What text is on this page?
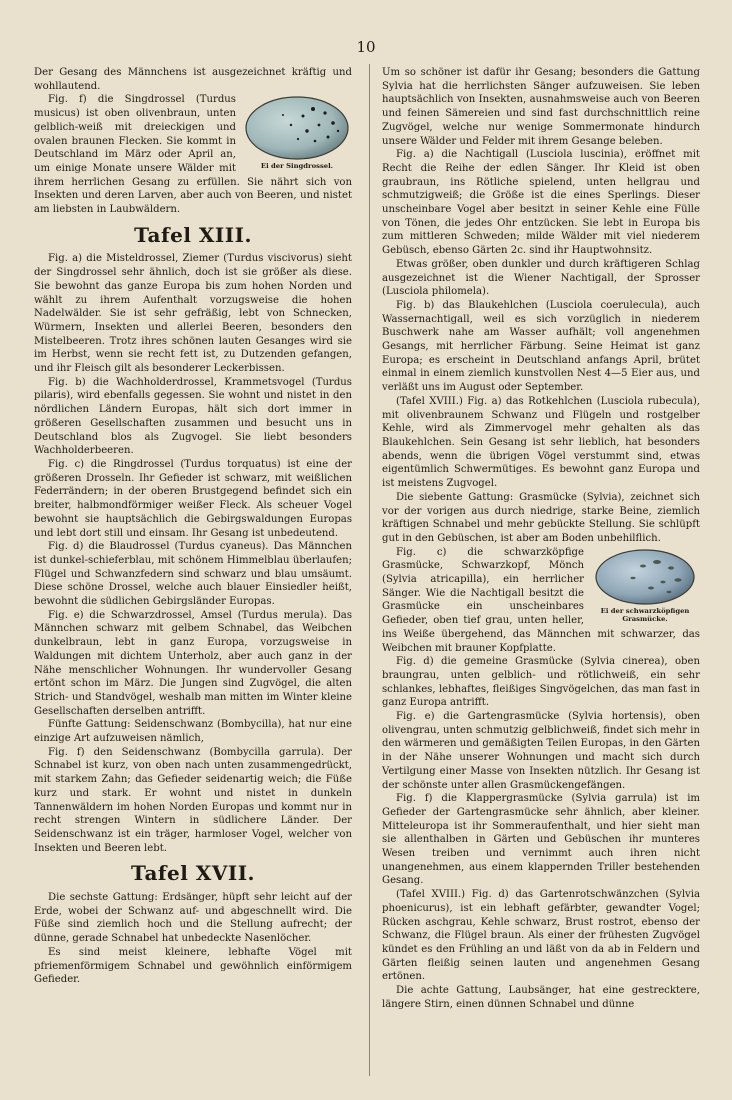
10

Der Gesang des Männchens ist ausgezeichnet kräftig und wohllautend.

Ei der Singdrossel.

Fig. f) die Singdrossel (Turdus musicus) ist oben olivenbraun, unten gelblich-weiß mit dreieckigen und ovalen braunen Flecken. Sie kommt in Deutschland im März oder April an, um einige Monate unsere Wälder mit ihrem herrlichen Gesang zu erfüllen. Sie nährt sich von Insekten und deren Larven, aber auch von Beeren, und nistet am liebsten in Laubwäldern.

Tafel XIII.

Fig. a) die Misteldrossel, Ziemer (Turdus viscivorus) sieht der Singdrossel sehr ähnlich, doch ist sie größer als diese. Sie bewohnt das ganze Europa bis zum hohen Norden und wählt zu ihrem Aufenthalt vorzugsweise die hohen Nadelwälder. Sie ist sehr gefräßig, lebt von Schnecken, Würmern, Insekten und allerlei Beeren, besonders den Mistelbeeren. Trotz ihres schönen lauten Gesanges wird sie im Herbst, wenn sie recht fett ist, zu Dutzenden gefangen, und ihr Fleisch gilt als besonderer Leckerbissen.

Fig. b) die Wachholderdrossel, Krammetsvogel (Turdus pilaris), wird ebenfalls gegessen. Sie wohnt und nistet in den nördlichen Ländern Europas, hält sich dort immer in größeren Gesellschaften zusammen und besucht uns in Deutschland blos als Zugvogel. Sie liebt besonders Wachholderbeeren.

Fig. c) die Ringdrossel (Turdus torquatus) ist eine der größeren Drosseln. Ihr Gefieder ist schwarz, mit weißlichen Federrändern; in der oberen Brustgegend befindet sich ein breiter, halbmondförmiger weißer Fleck. Als scheuer Vogel bewohnt sie hauptsächlich die Gebirgswaldungen Europas und lebt dort still und einsam. Ihr Gesang ist unbedeutend.

Fig. d) die Blaudrossel (Turdus cyaneus). Das Männchen ist dunkel-schieferblau, mit schönem Himmelblau überlaufen; Flügel und Schwanzfedern sind schwarz und blau umsäumt. Diese schöne Drossel, welche auch blauer Einsiedler heißt, bewohnt die südlichen Gebirgsländer Europas.

Fig. e) die Schwarzdrossel, Amsel (Turdus merula). Das Männchen schwarz mit gelbem Schnabel, das Weibchen dunkelbraun, lebt in ganz Europa, vorzugsweise in Waldungen mit dichtem Unterholz, aber auch ganz in der Nähe menschlicher Wohnungen. Ihr wundervoller Gesang ertönt schon im März. Die Jungen sind Zugvögel, die alten Strich- und Standvögel, weshalb man mitten im Winter kleine Gesellschaften derselben antrifft.

Fünfte Gattung: Seidenschwanz (Bombycilla), hat nur eine einzige Art aufzuweisen nämlich,

Fig. f) den Seidenschwanz (Bombycilla garrula). Der Schnabel ist kurz, von oben nach unten zusammengedrückt, mit starkem Zahn; das Gefieder seidenartig weich; die Füße kurz und stark. Er wohnt und nistet in dunkeln Tannenwäldern im hohen Norden Europas und kommt nur in recht strengen Wintern in südlichere Länder. Der Seidenschwanz ist ein träger, harmloser Vogel, welcher von Insekten und Beeren lebt.

Tafel XVII.

Die sechste Gattung: Erdsänger, hüpft sehr leicht auf der Erde, wobei der Schwanz auf- und abgeschnellt wird. Die Füße sind ziemlich hoch und die Stellung aufrecht; der dünne, gerade Schnabel hat unbedeckte Nasenlöcher.

Es sind meist kleinere, lebhafte Vögel mit pfriemenförmigem Schnabel und gewöhnlich einförmigem Gefieder.

Um so schöner ist dafür ihr Gesang; besonders die Gattung Sylvia hat die herrlichsten Sänger aufzuweisen. Sie leben hauptsächlich von Insekten, ausnahmsweise auch von Beeren und feinen Sämereien und sind fast durchschnittlich reine Zugvögel, welche nur wenige Sommermonate hindurch unsere Wälder und Felder mit ihrem Gesange beleben.

Fig. a) die Nachtigall (Lusciola luscinia), eröffnet mit Recht die Reihe der edlen Sänger. Ihr Kleid ist oben graubraun, ins Rötliche spielend, unten hellgrau und schmutzigweiß; die Größe ist die eines Sperlings. Dieser unscheinbare Vogel aber besitzt in seiner Kehle eine Fülle von Tönen, die jedes Ohr entzücken. Sie lebt in Europa bis zum mittleren Schweden; milde Wälder mit viel niederem Gebüsch, ebenso Gärten 2c. sind ihr Hauptwohnsitz.

Etwas größer, oben dunkler und durch kräftigeren Schlag ausgezeichnet ist die Wiener Nachtigall, der Sprosser (Lusciola philomela).

Fig. b) das Blaukehlchen (Lusciola coerulecula), auch Wassernachtigall, weil es sich vorzüglich in niederem Buschwerk nahe am Wasser aufhält; voll angenehmen Gesangs, mit herrlicher Färbung. Seine Heimat ist ganz Europa; es erscheint in Deutschland anfangs April, brütet einmal in einem ziemlich kunstvollen Nest 4—5 Eier aus, und verläßt uns im August oder September.

(Tafel XVIII.) Fig. a) das Rotkehlchen (Lusciola rubecula), mit olivenbraunem Schwanz und Flügeln und rostgelber Kehle, wird als Zimmervogel mehr gehalten als das Blaukehlchen. Sein Gesang ist sehr lieblich, hat besonders abends, wenn die übrigen Vögel verstummt sind, etwas eigentümlich Schwermütiges. Es bewohnt ganz Europa und ist meistens Zugvogel.

Die siebente Gattung: Grasmücke (Sylvia), zeichnet sich vor der vorigen aus durch niedrige, starke Beine, ziemlich kräftigen Schnabel und mehr gebückte Stellung. Sie schlüpft gut in den Gebüschen, ist aber am Boden unbehilflich.

Ei der schwarzköpfigen Grasmücke.

Fig. c) die schwarzköpfige Grasmücke, Schwarzkopf, Mönch (Sylvia atricapilla), ein herrlicher Sänger. Wie die Nachtigall besitzt die Grasmücke ein unscheinbares Gefieder, oben tief grau, unten heller, ins Weiße übergehend, das Männchen mit schwarzer, das Weibchen mit brauner Kopfplatte.

Fig. d) die gemeine Grasmücke (Sylvia cinerea), oben braungrau, unten gelblich- und rötlichweiß, ein sehr schlankes, lebhaftes, fleißiges Singvögelchen, das man fast in ganz Europa antrifft.

Fig. e) die Gartengrasmücke (Sylvia hortensis), oben olivengrau, unten schmutzig gelblichweiß, findet sich mehr in den wärmeren und gemäßigten Teilen Europas, in den Gärten in der Nähe unserer Wohnungen und macht sich durch Vertilgung einer Masse von Insekten nützlich. Ihr Gesang ist der schönste unter allen Grasmückengefängen.

Fig. f) die Klappergrasmücke (Sylvia garrula) ist im Gefieder der Gartengrasmücke sehr ähnlich, aber kleiner. Mitteleuropa ist ihr Sommeraufenthalt, und hier sieht man sie allenthalben in Gärten und Gebüschen ihr munteres Wesen treiben und vernimmt auch ihren nicht unangenehmen, aus einem klappernden Triller bestehenden Gesang.

(Tafel XVIII.) Fig. d) das Gartenrotschwänzchen (Sylvia phoenicurus), ist ein lebhaft gefärbter, gewandter Vogel; Rücken aschgrau, Kehle schwarz, Brust rostrot, ebenso der Schwanz, die Flügel braun. Als einer der frühesten Zugvögel kündet es den Frühling an und läßt von da ab in Feldern und Gärten fleißig seinen lauten und angenehmen Gesang ertönen.

Die achte Gattung, Laubsänger, hat eine gestrecktere, längere Stirn, einen dünnen Schnabel und dünne
